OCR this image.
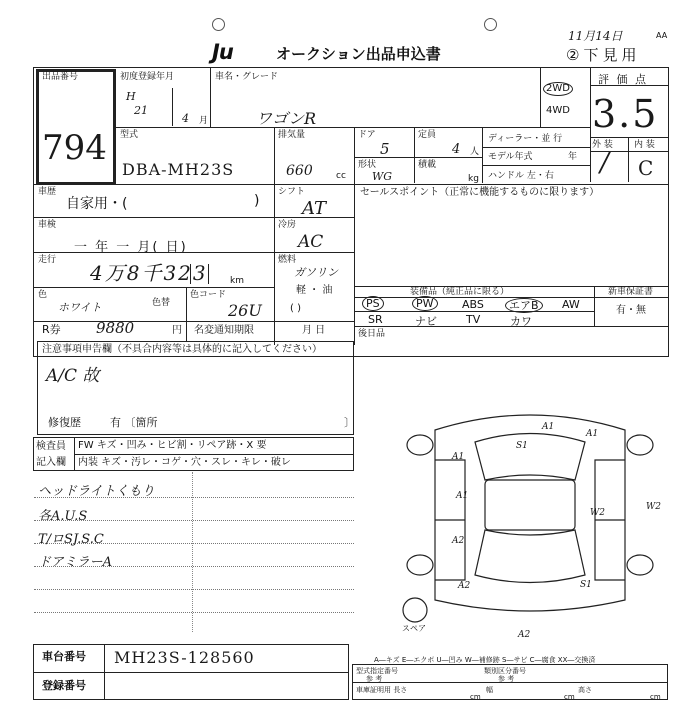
11月14日	AA
Ju	オークション出品申込書	②下見用
出品番号
794
初度登録年月
H
21
4 月
車名・グレード
ワゴンR
2WD
4WD
評 価 点
3.5
外 装 内 装
/ C
型式
DBA-MH23S
排気量
660	cc
ドア
5
定員
4 人
形状
WG
積載
kg
ディーラー・並 行
モデル年式	年
ハンドル 左・右
車歴
自家用・(	)
シフト
AT
セールスポイント（正常に機能するものに限ります）
車検
一 年 一 月( 日)
冷房
AC
走行
4万8千323 km
燃料
ガソリン
軽 ・ 油
( )
色
ホワイト	色替
色コード
26U
装備品（純正品に限る）	新車保証書
PS	PW	ABS	エアB	AW
SR	ナビ	TV	カワ
有・無
後日品
R券 9880	円 名変通知期限	月 日
注意事項申告欄（不具合内容等は具体的に記入してください）
A/C 故
修復歴	有 〔箇所	〕
検査員
記入欄
FW キズ・凹み・ヒビ割・リペア跡・X 要
内装 キズ・汚レ・コゲ・穴・スレ・キレ・破レ
ヘッドライトくもり
各A.U.S
T/ロSJ.S.C
ドアミラーA
A1
A1
S1
A1
A1
A2
A2	S1
W2
W2
A2
スペア
車台番号 MH23S-128560
登録番号
A―キズ E―エクボ U―凹み W―補修跡 S―サビ C―腐食 XX―交換済
型式指定番号
参 考
類別区分番号
参 考
車庫証明用 長さ
cm
幅
cm
高さ
cm
